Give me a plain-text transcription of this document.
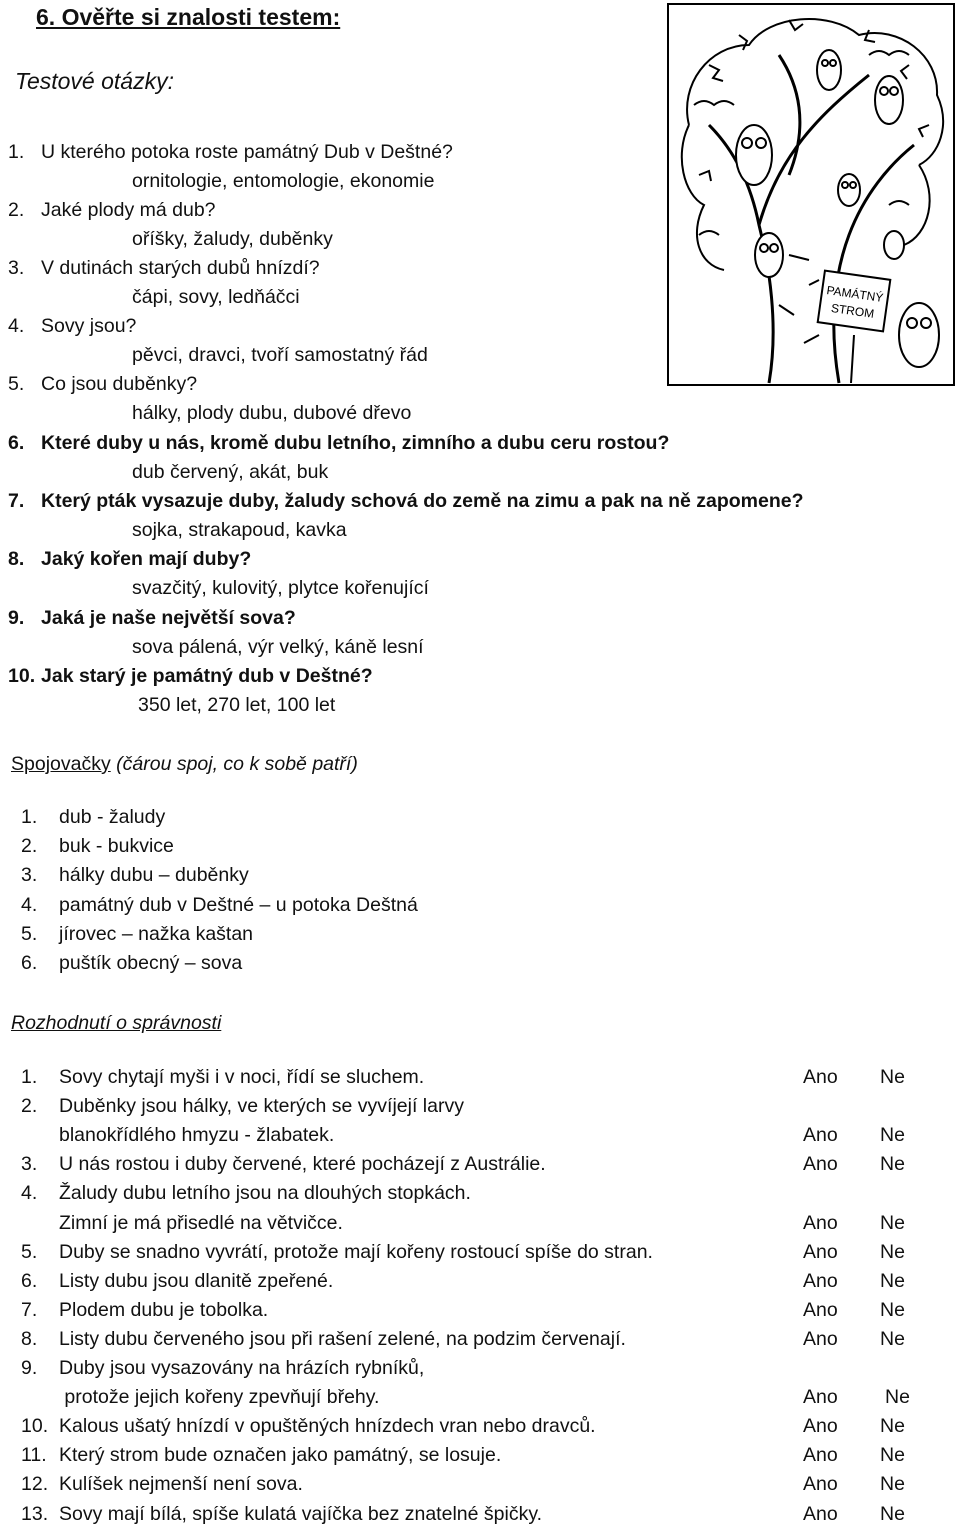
6. Ověřte si znalosti testem:
Testové otázky:
1. U kterého potoka roste památný Dub v Deštné?
ornitologie, entomologie, ekonomie
2. Jaké plody má dub?
oříšky, žaludy, duběnky
3. V dutinách starých dubů hnízdí?
čápi, sovy, ledňáčci
4. Sovy jsou?
pěvci, dravci, tvoří samostatný řád
5. Co jsou duběnky?
hálky, plody dubu, dubové dřevo
6. Které duby u nás, kromě dubu letního, zimního a dubu ceru rostou?
dub červený, akát, buk
7. Který pták vysazuje duby, žaludy schová do země na zimu a pak na ně zapomene?
sojka, strakapoud, kavka
8. Jaký kořen mají duby?
svazčitý, kulovitý, plytce kořenující
9. Jaká je naše největší sova?
sova pálená, výr velký, káně lesní
10. Jak starý je památný dub v Deštné?
350 let, 270 let, 100 let
PAMÁTNÝ
STROM
Spojovačky (čárou spoj, co k sobě patří)
1. dub - žaludy
2. buk - bukvice
3. hálky dubu – duběnky
4. památný dub v Deštné – u potoka Deštná
5. jírovec – nažka kaštan
6. puštík obecný – sova
Rozhodnutí o správnosti
1. Sovy chytají myši i v noci, řídí se sluchem.	Ano Ne
2. Duběnky jsou hálky, ve kterých se vyvíjejí larvy
blanokřídlého hmyzu - žlabatek.	Ano Ne
3. U nás rostou i duby červené, které pocházejí z Austrálie.	Ano Ne
4. Žaludy dubu letního jsou na dlouhých stopkách.
Zimní je má přisedlé na větvičce.	Ano Ne
5. Duby se snadno vyvrátí, protože mají kořeny rostoucí spíše do stran.	Ano Ne
6. Listy dubu jsou dlanitě zpeřené.	Ano Ne
7. Plodem dubu je tobolka.	Ano Ne
8. Listy dubu červeného jsou při rašení zelené, na podzim červenají.	Ano Ne
9. Duby jsou vysazovány na hrázích rybníků,
protože jejich kořeny zpevňují břehy.	Ano Ne
10. Kalous ušatý hnízdí v opuštěných hnízdech vran nebo dravců.	Ano Ne
11. Který strom bude označen jako památný, se losuje.	Ano Ne
12. Kulíšek nejmenší není sova.	Ano Ne
13. Sovy mají bílá, spíše kulatá vajíčka bez znatelné špičky.	Ano Ne
